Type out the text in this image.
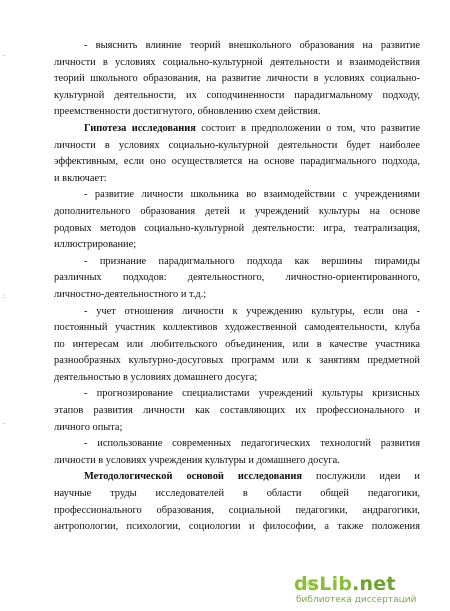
·
:
·
- выяснить влияние теорий внешкольного образования на развитие
личности в условиях социально-культурной деятельности и взаимодействия
теорий школьного образования, на развитие личности в условиях социально-
культурной деятельности, их соподчиненности парадигмальному подходу,
преемственности достигнутого, обновлению схем действия.
Гипотеза исследования состоит в предположении о том, что развитие
личности в условиях социально-культурной деятельности будет наиболее
эффективным, если оно осуществляется на основе парадигмального подхода,
и включает:
- развитие личности школьника во взаимодействии с учреждениями
дополнительного образования детей и учреждений культуры на основе
родовых методов социально-культурной деятельности: игра, театрализация,
иллюстрирование;
- признание парадигмального подхода как вершины пирамиды
различных подходов: деятельностного, личностно-ориентированного,
личностно-деятельностного и т.д.;
- учет отношения личности к учреждению культуры, если она -
постоянный участник коллективов художественной самодеятельности, клуба
по интересам или любительского объединения, или в качестве участника
разнообразных культурно-досуговых программ или к занятиям предметной
деятельностью в условиях домашнего досуга;
- прогнозирование специалистами учреждений культуры кризисных
этапов развития личности как составляющих их профессионального и
личного опыта;
- использование современных педагогических технологий развития
личности в условиях учреждения культуры и домашнего досуга.
Методологической основой исследования послужили идеи и
научные труды исследователей в области общей педагогики,
профессионального образования, социальной педагогики, андрагогики,
антропологии, психологии, социологии и философии, а также положения
dsLib.net
библиотека диссертаций
